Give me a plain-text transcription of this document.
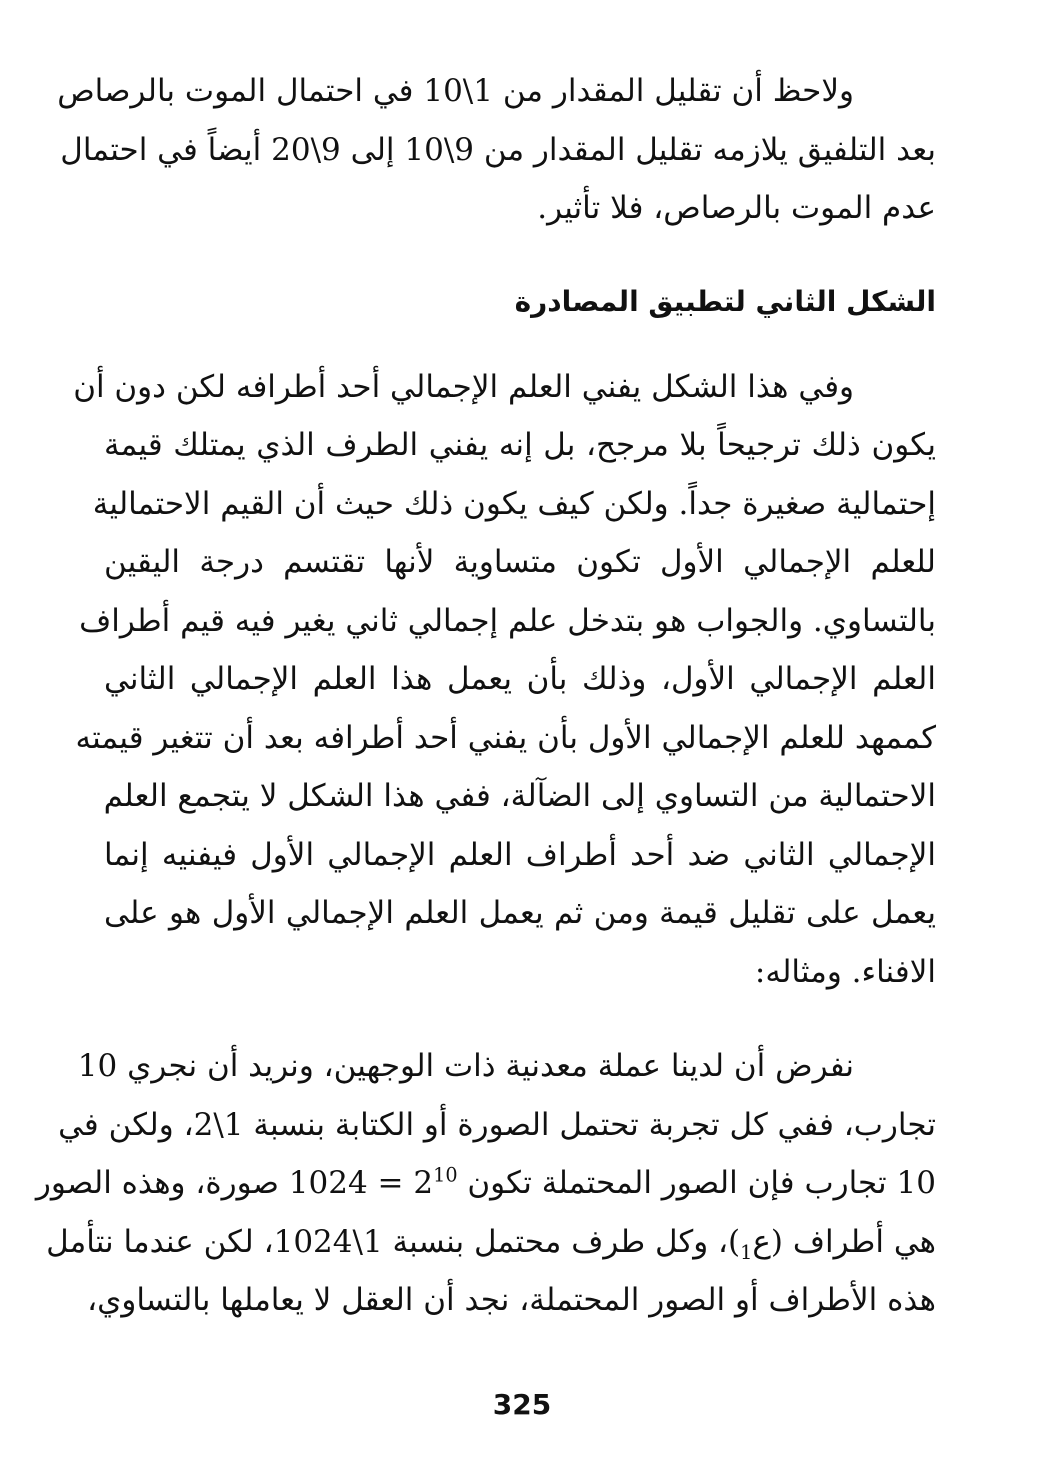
ولاحظ أن تقليل المقدار من 1\10 في احتمال الموت بالرصاص
بعد التلفيق يلازمه تقليل المقدار من 9\10 إلى 9\20 أيضاً في احتمال
عدم الموت بالرصاص، فلا تأثير.

الشكل الثاني لتطبيق المصادرة

وفي هذا الشكل يفني العلم الإجمالي أحد أطرافه لكن دون أن
يكون ذلك ترجيحاً بلا مرجح، بل إنه يفني الطرف الذي يمتلك قيمة
إحتمالية صغيرة جداً. ولكن كيف يكون ذلك حيث أن القيم الاحتمالية
للعلم الإجمالي الأول تكون متساوية لأنها تقتسم درجة اليقين
بالتساوي. والجواب هو بتدخل علم إجمالي ثاني يغير فيه قيم أطراف
العلم الإجمالي الأول، وذلك بأن يعمل هذا العلم الإجمالي الثاني
كممهد للعلم الإجمالي الأول بأن يفني أحد أطرافه بعد أن تتغير قيمته
الاحتمالية من التساوي إلى الضآلة، ففي هذا الشكل لا يتجمع العلم
الإجمالي الثاني ضد أحد أطراف العلم الإجمالي الأول فيفنيه إنما
يعمل على تقليل قيمة ومن ثم يعمل العلم الإجمالي الأول هو على
الافناء. ومثاله:

نفرض أن لدينا عملة معدنية ذات الوجهين، ونريد أن نجري 10
تجارب، ففي كل تجربة تحتمل الصورة أو الكتابة بنسبة 1\2، ولكن في
10 تجارب فإن الصور المحتملة تكون $2^{10} = 1024$ صورة، وهذه الصور
هي أطراف (ع$_1$)، وكل طرف محتمل بنسبة 1\1024، لكن عندما نتأمل
هذه الأطراف أو الصور المحتملة، نجد أن العقل لا يعاملها بالتساوي،

325
